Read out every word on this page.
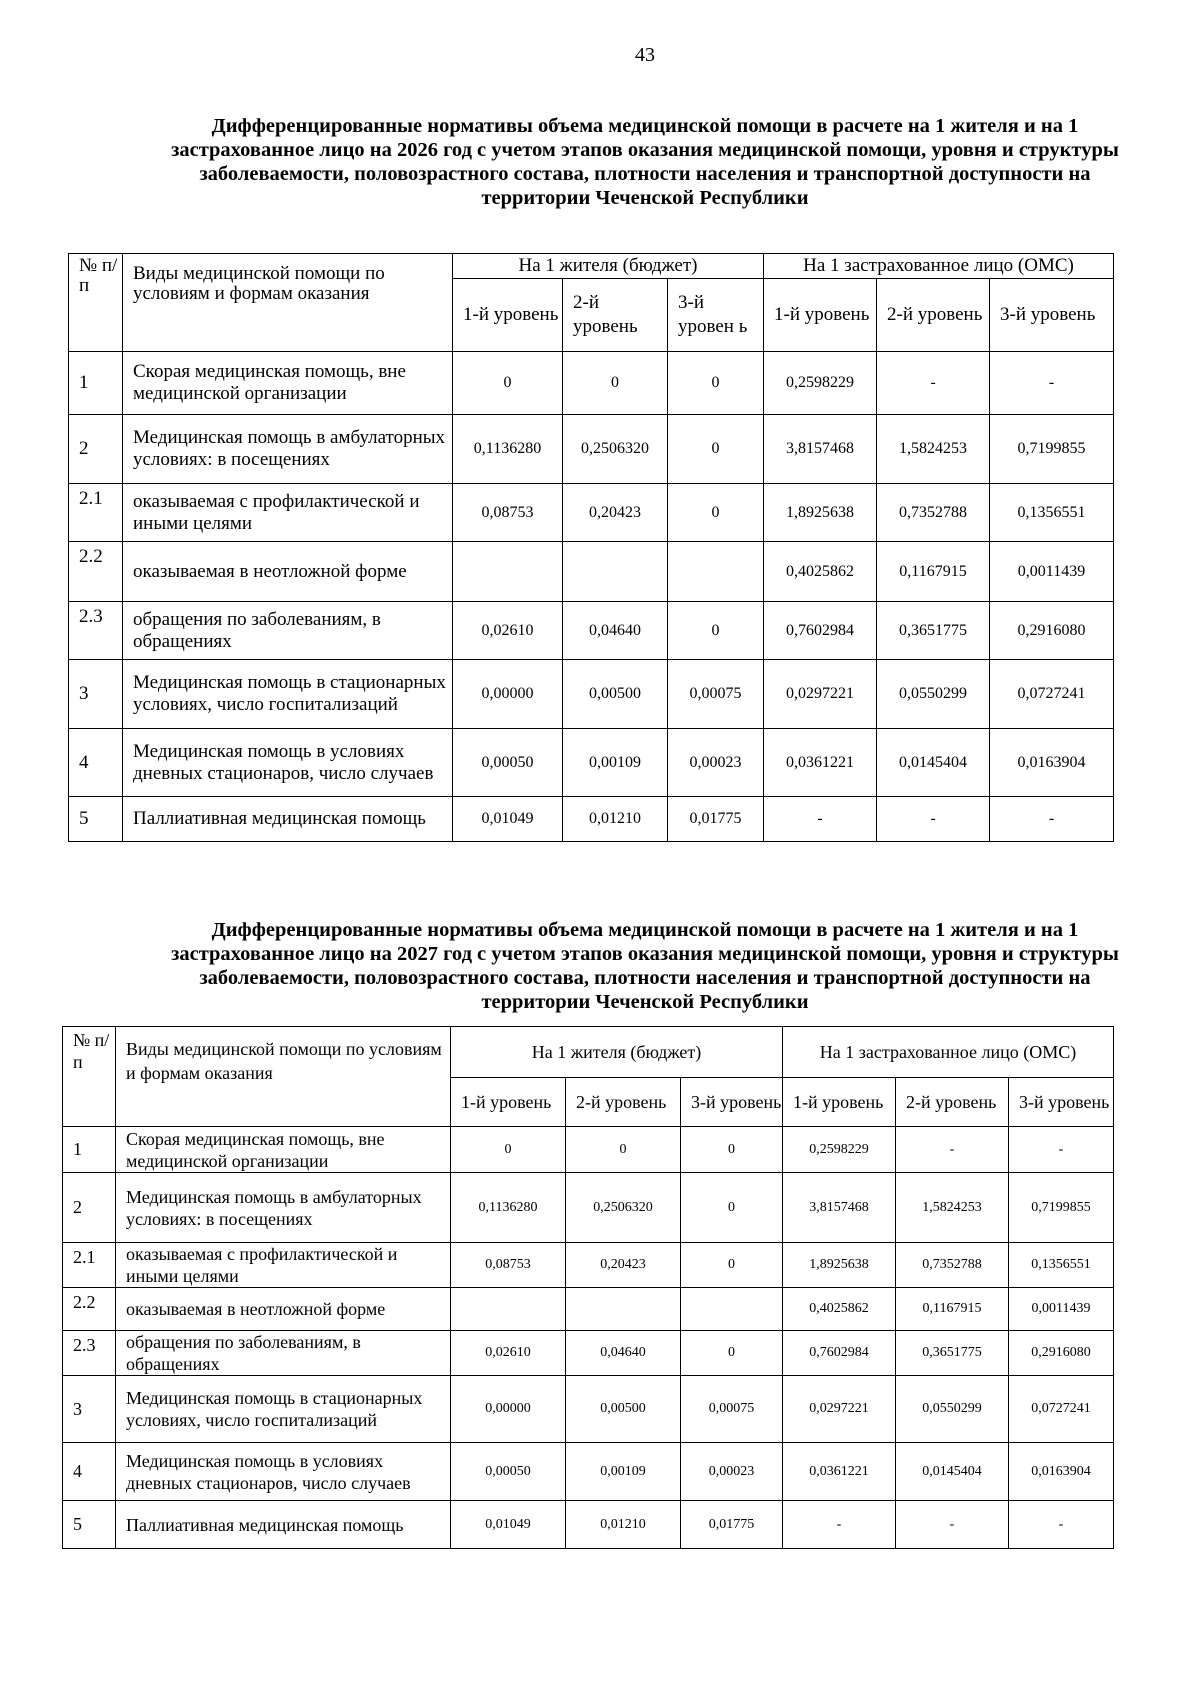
43
Дифференцированные нормативы объема медицинской помощи в расчете на 1 жителя и на 1 застрахованное лицо на 2026 год с учетом этапов оказания медицинской помощи, уровня и структуры заболеваемости, половозрастного состава, плотности населения и транспортной доступности на территории Чеченской Республики
№ п/п	Виды медицинской помощи по условиям и формам оказания	На 1 жителя (бюджет)			На 1 застрахованное лицо (ОМС)		
		1-й уровень	2-й уровень	3-й уровен ь	1-й уровень	2-й уровень	3-й уровень
1	Скорая медицинская помощь, вне медицинской организации	0	0	0	0,2598229	-	-
2	Медицинская помощь в амбулаторных условиях: в посещениях	0,1136280	0,2506320	0	3,8157468	1,5824253	0,7199855
2.1	оказываемая с профилактической и иными целями	0,08753	0,20423	0	1,8925638	0,7352788	0,1356551
2.2	оказываемая в неотложной форме				0,4025862	0,1167915	0,0011439
2.3	обращения по заболеваниям, в обращениях	0,02610	0,04640	0	0,7602984	0,3651775	0,2916080
3	Медицинская помощь в стационарных условиях, число госпитализаций	0,00000	0,00500	0,00075	0,0297221	0,0550299	0,0727241
4	Медицинская помощь в условиях дневных стационаров, число случаев	0,00050	0,00109	0,00023	0,0361221	0,0145404	0,0163904
5	Паллиативная медицинская помощь	0,01049	0,01210	0,01775	-	-	-
Дифференцированные нормативы объема медицинской помощи в расчете на 1 жителя и на 1 застрахованное лицо на 2027 год с учетом этапов оказания медицинской помощи, уровня и структуры заболеваемости, половозрастного состава, плотности населения и транспортной доступности на территории Чеченской Республики
№ п/п	Виды медицинской помощи по условиям и формам оказания	На 1 жителя (бюджет)			На 1 застрахованное лицо (ОМС)		
		1-й уровень	2-й уровень	3-й уровень	1-й уровень	2-й уровень	3-й уровень
1	Скорая медицинская помощь, вне медицинской организации	0	0	0	0,2598229	-	-
2	Медицинская помощь в амбулаторных условиях: в посещениях	0,1136280	0,2506320	0	3,8157468	1,5824253	0,7199855
2.1	оказываемая с профилактической и иными целями	0,08753	0,20423	0	1,8925638	0,7352788	0,1356551
2.2	оказываемая в неотложной форме				0,4025862	0,1167915	0,0011439
2.3	обращения по заболеваниям, в обращениях	0,02610	0,04640	0	0,7602984	0,3651775	0,2916080
3	Медицинская помощь в стационарных условиях, число госпитализаций	0,00000	0,00500	0,00075	0,0297221	0,0550299	0,0727241
4	Медицинская помощь в условиях дневных стационаров, число случаев	0,00050	0,00109	0,00023	0,0361221	0,0145404	0,0163904
5	Паллиативная медицинская помощь	0,01049	0,01210	0,01775	-	-	-
